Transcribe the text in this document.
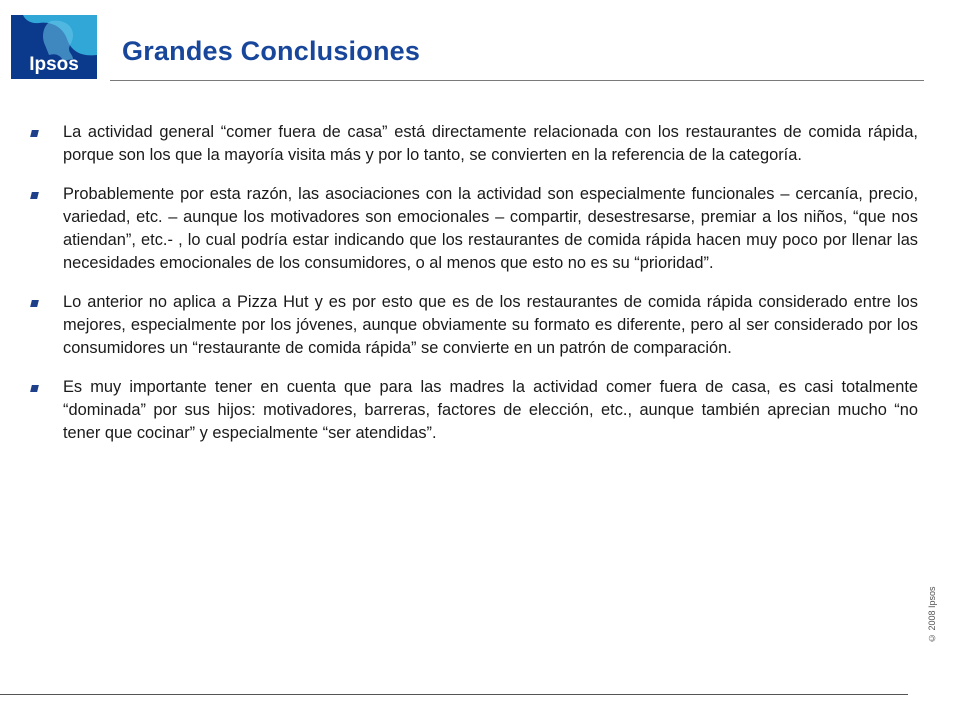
Ipsos Grandes Conclusiones
La actividad general “comer fuera de casa” está directamente relacionada con los restaurantes de comida rápida, porque son los que la mayoría visita más y por lo tanto, se convierten en la referencia de la categoría.
Probablemente por esta razón, las asociaciones con la actividad son especialmente funcionales – cercanía, precio, variedad, etc. – aunque los motivadores son emocionales – compartir, desestresarse, premiar a los niños, “que nos atiendan”, etc.- , lo cual podría estar indicando que los restaurantes de comida rápida hacen muy poco por llenar las necesidades emocionales de los consumidores, o al menos que esto no es su “prioridad”.
Lo anterior no aplica a Pizza Hut y es por esto que es de los restaurantes de comida rápida considerado entre los mejores, especialmente por los jóvenes, aunque obviamente su formato es diferente, pero al ser considerado por los consumidores un “restaurante de comida rápida” se convierte en un patrón de comparación.
Es muy importante tener en cuenta que para las madres la actividad comer fuera de casa, es casi totalmente “dominada” por sus hijos: motivadores, barreras, factores de elección, etc., aunque también aprecian mucho “no tener que cocinar” y especialmente “ser atendidas”.
© 2008 Ipsos
